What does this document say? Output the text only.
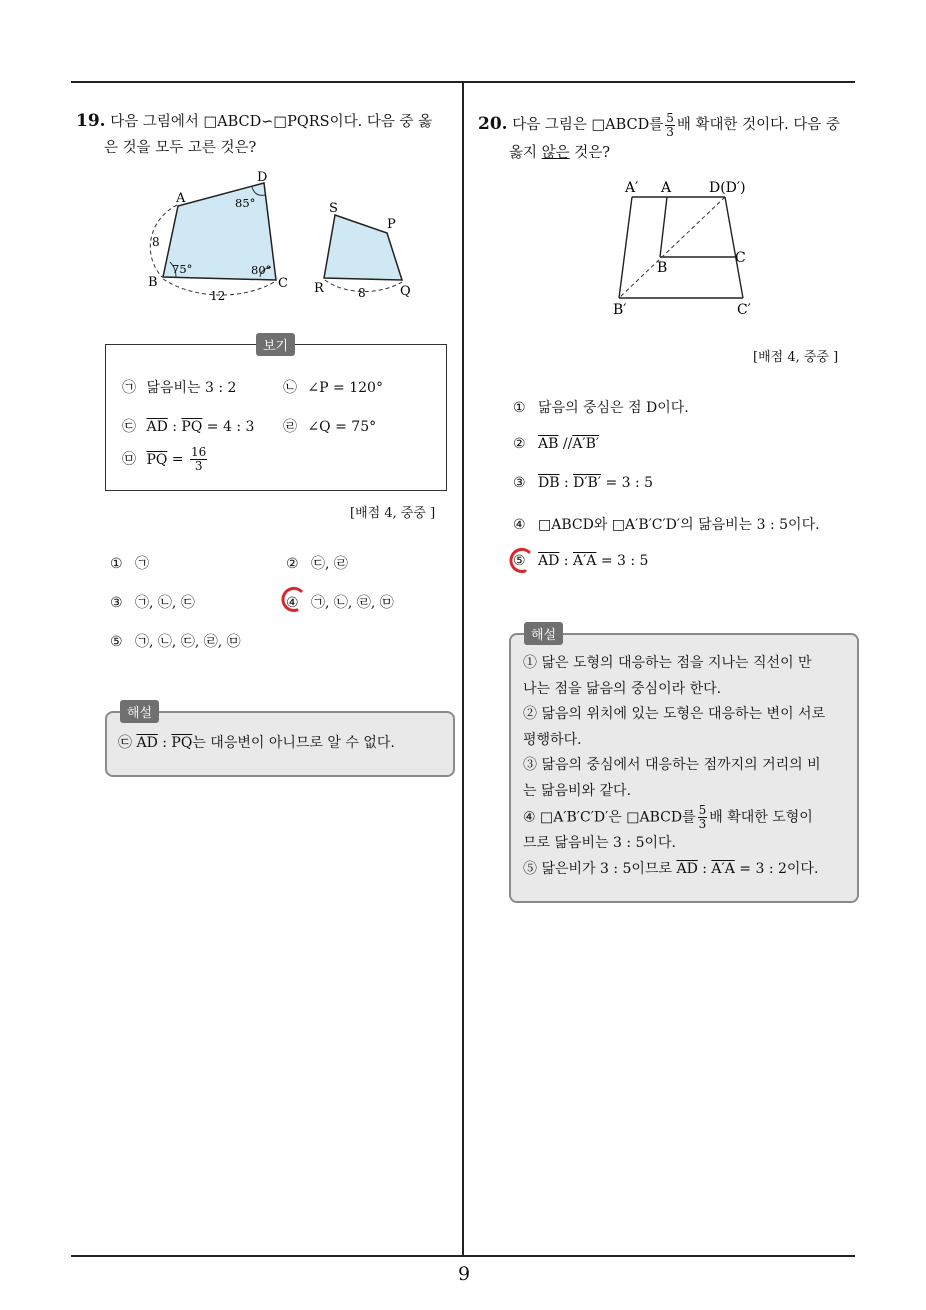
9
19. 다음 그림에서 □ABCD∽□PQRS이다. 다음 중 옳
은 것을 모두 고른 것은?
A
D
B	C
85°
75°	80°
8
12
S
P
R	Q
8
보기
㉠ 닮음비는 3 : 2	㉡ ∠P = 120°
㉢ $\overline{AD}$ : $\overline{PQ} = 4$ : 3 ㉣ ∠Q = 75°
㉤ $\overline{PQ} = \frac{16}{3}$
[배점 4, 중중 ]
① ㉠	② ㉢, ㉣
③ ㉠, ㉡, ㉢	④ ㉠, ㉡, ㉣, ㉤
⑤ ㉠, ㉡, ㉢, ㉣, ㉤
해설
㉢ $\overline{AD}$ : $\overline{PQ}$는 대응변이 아니므로 알 수 없다.
20. 다음 그림은 □ABCD를 $\frac{5}{3}$ 배 확대한 것이다. 다음 중
옳지 않은 것은?
A′ A	D(D′)
C
B
B′	C′
[배점 4, 중중 ]
① 닮음의 중심은 점 D이다.
② $\overline{AB}$ //A′B′
③ $\overline{DB}$ : D′B′ = 3 : 5
④ □ABCD와 □A′B′C′D′의 닮음비는 3 : 5이다.
⑤ $\overline{AD}$ : A′A = 3 : 5
해설
① 닮은 도형의 대응하는 점을 지나는 직선이 만
나는 점을 닮음의 중심이라 한다.
② 닮음의 위치에 있는 도형은 대응하는 변이 서로
평행하다.
③ 닮음의 중심에서 대응하는 점까지의 거리의 비
는 닮음비와 같다.
④ □A′B′C′D′은 □ABCD를 $\frac{5}{3}$ 배 확대한 도형이
므로 닮음비는 3 : 5이다.
⑤ 닮은비가 3 : 5이므로 $\overline{AD}$ : A′A = 3 : 2이다.
